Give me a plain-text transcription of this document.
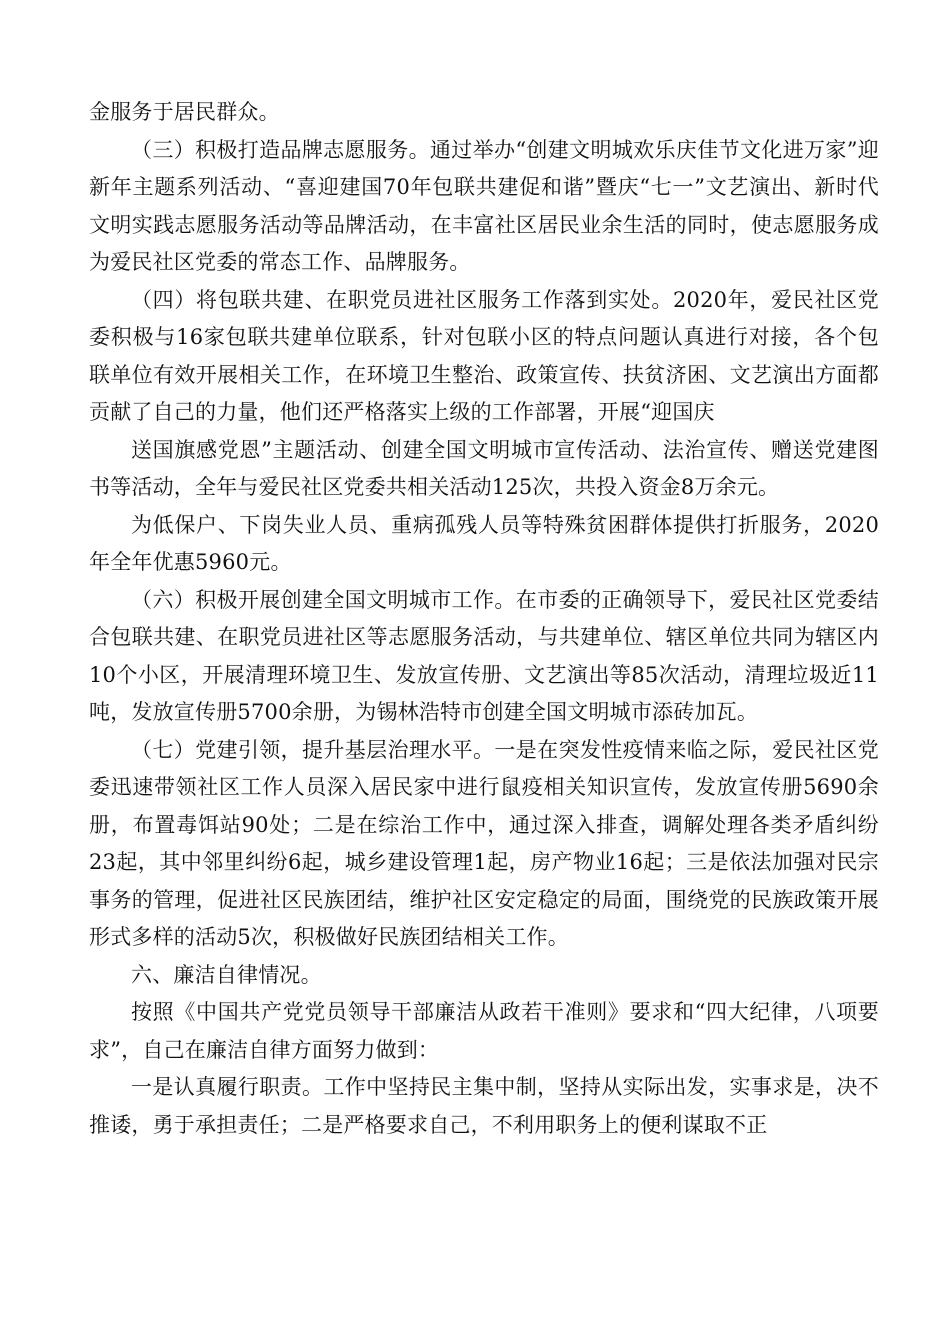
金服务于居民群众。

（三）积极打造品牌志愿服务。通过举办“创建文明城欢乐庆佳节文化进万家”迎新年主题系列活动、“喜迎建国70年包联共建促和谐”暨庆“七一”文艺演出、新时代文明实践志愿服务活动等品牌活动，在丰富社区居民业余生活的同时，使志愿服务成为爱民社区党委的常态工作、品牌服务。

（四）将包联共建、在职党员进社区服务工作落到实处。2020年，爱民社区党委积极与16家包联共建单位联系，针对包联小区的特点问题认真进行对接，各个包联单位有效开展相关工作，在环境卫生整治、政策宣传、扶贫济困、文艺演出方面都贡献了自己的力量，他们还严格落实上级的工作部署，开展“迎国庆

送国旗感党恩”主题活动、创建全国文明城市宣传活动、法治宣传、赠送党建图书等活动，全年与爱民社区党委共相关活动125次，共投入资金8万余元。

为低保户、下岗失业人员、重病孤残人员等特殊贫困群体提供打折服务，2020年全年优惠5960元。

（六）积极开展创建全国文明城市工作。在市委的正确领导下，爱民社区党委结合包联共建、在职党员进社区等志愿服务活动，与共建单位、辖区单位共同为辖区内10个小区，开展清理环境卫生、发放宣传册、文艺演出等85次活动，清理垃圾近11吨，发放宣传册5700余册，为锡林浩特市创建全国文明城市添砖加瓦。

（七）党建引领，提升基层治理水平。一是在突发性疫情来临之际，爱民社区党委迅速带领社区工作人员深入居民家中进行鼠疫相关知识宣传，发放宣传册5690余册，布置毒饵站90处；二是在综治工作中，通过深入排查，调解处理各类矛盾纠纷23起，其中邻里纠纷6起，城乡建设管理1起，房产物业16起；三是依法加强对民宗事务的管理，促进社区民族团结，维护社区安定稳定的局面，围绕党的民族政策开展形式多样的活动5次，积极做好民族团结相关工作。

六、廉洁自律情况。

按照《中国共产党党员领导干部廉洁从政若干准则》要求和“四大纪律，八项要求”，自己在廉洁自律方面努力做到：

一是认真履行职责。工作中坚持民主集中制，坚持从实际出发，实事求是，决不推诿，勇于承担责任；二是严格要求自己，不利用职务上的便利谋取不正
